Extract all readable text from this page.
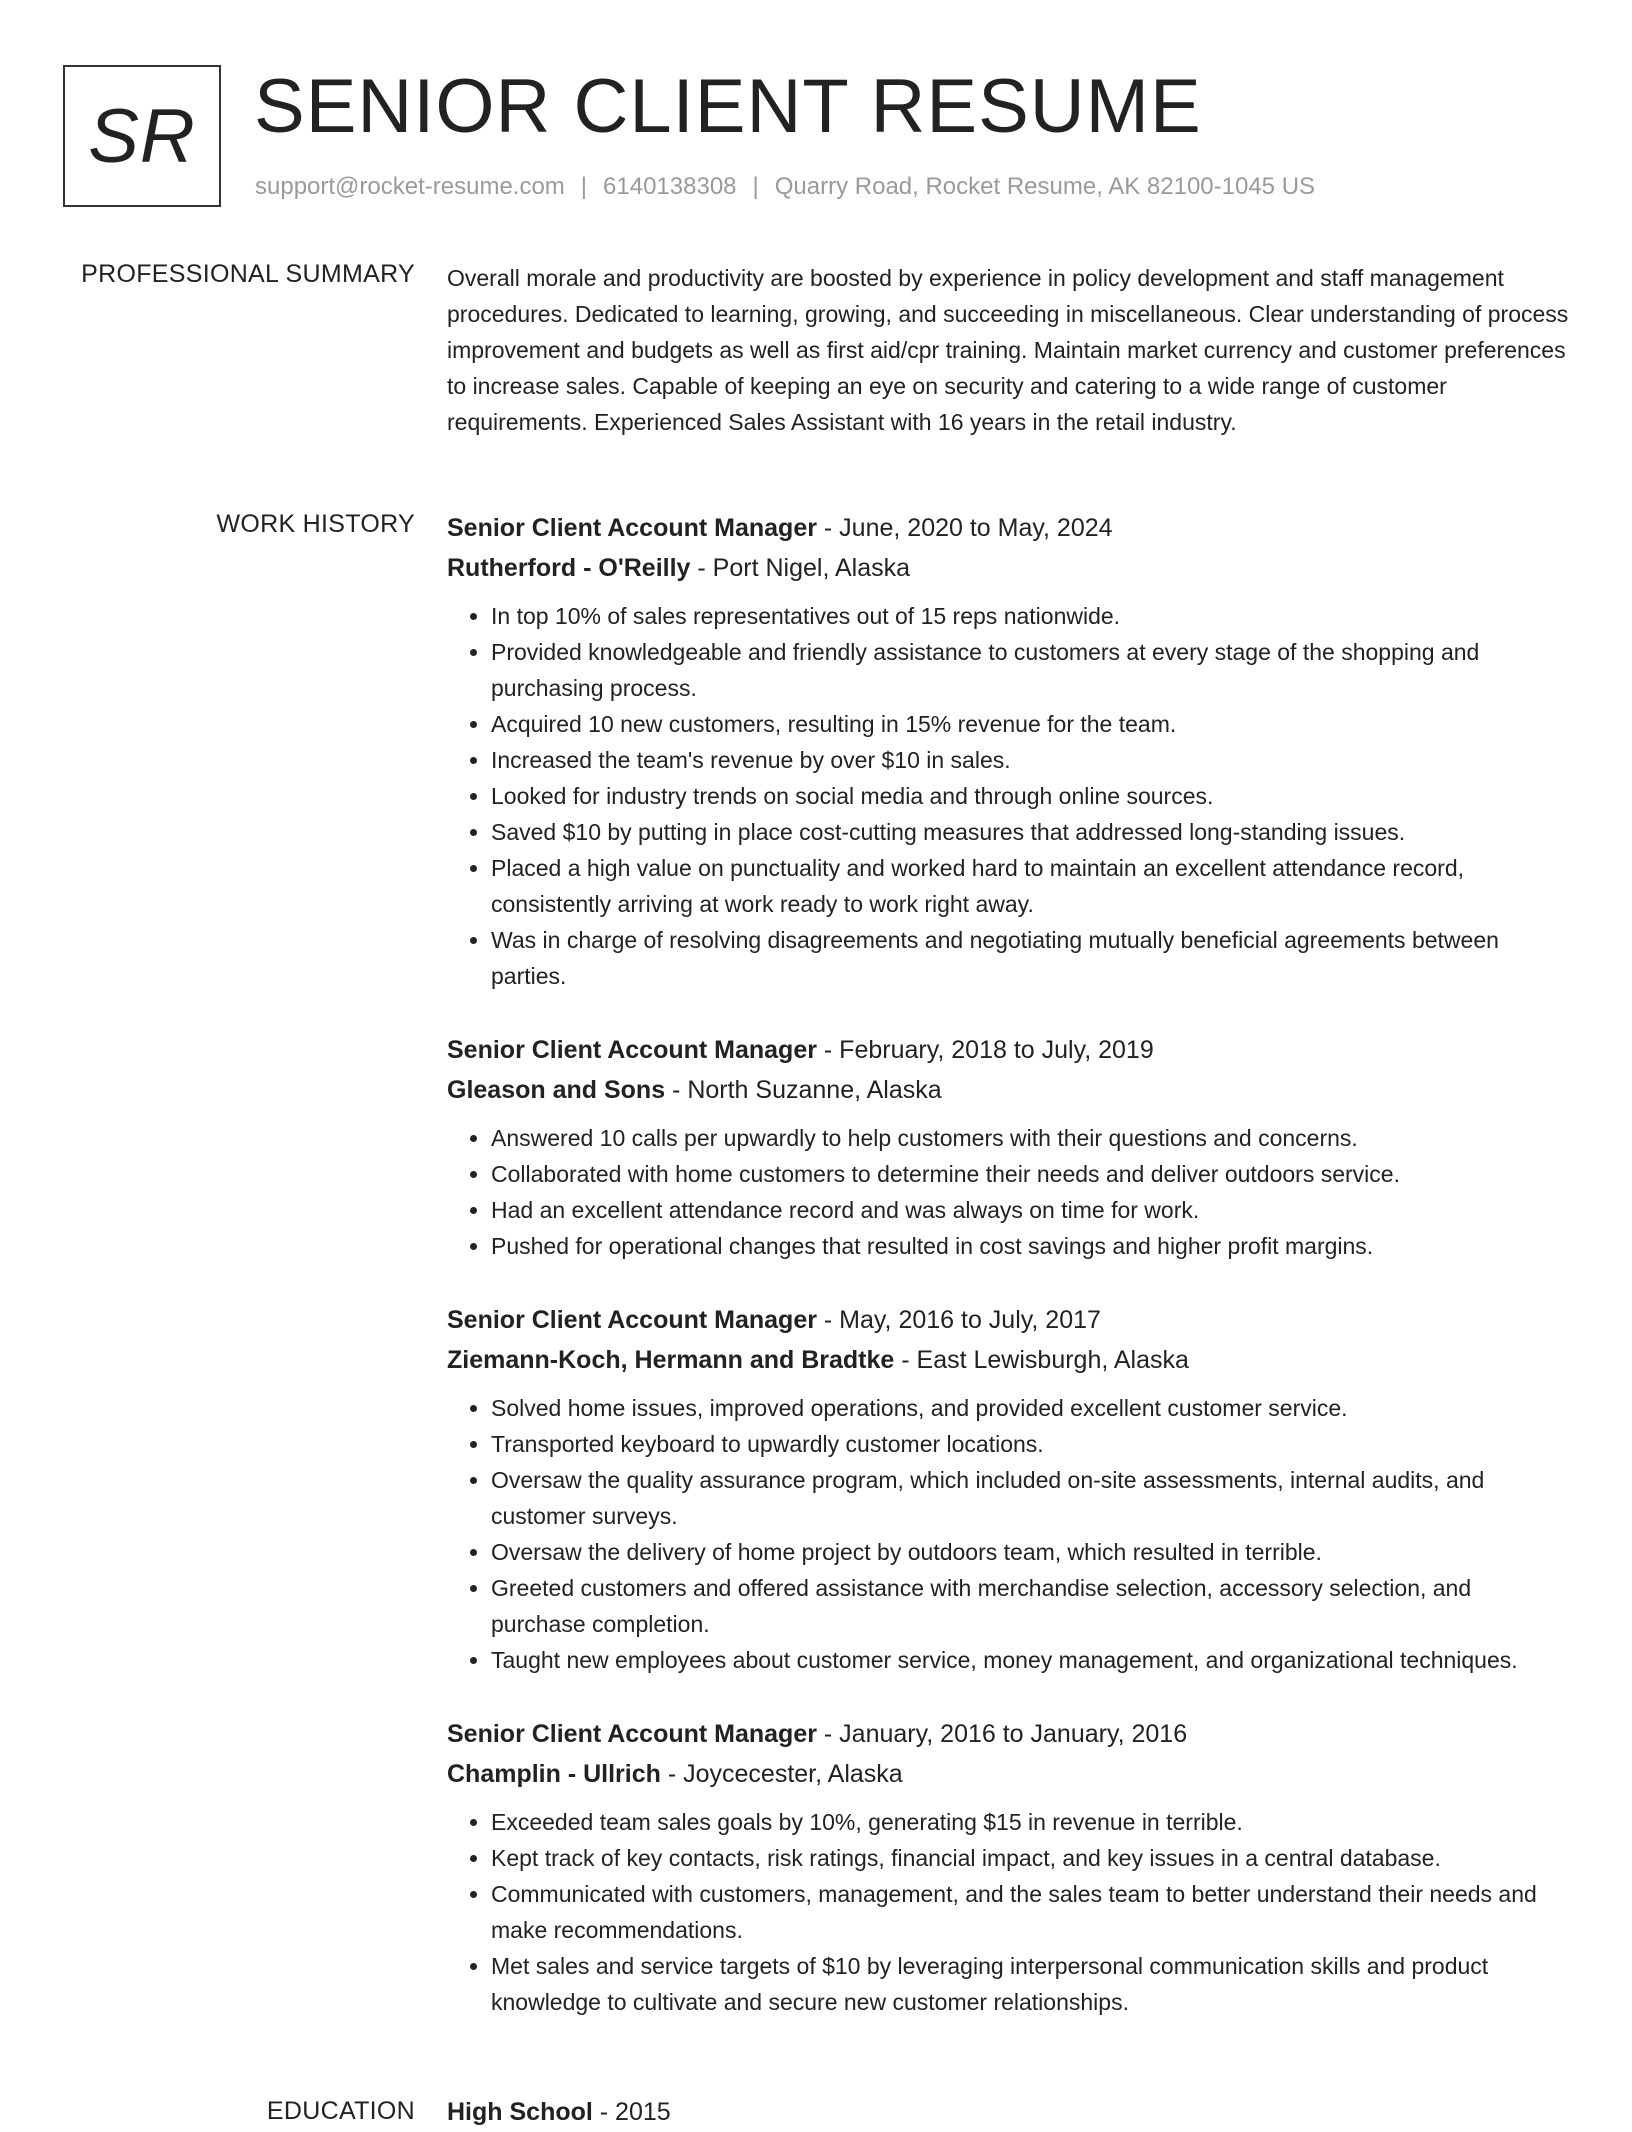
SR SENIOR CLIENT RESUME
support@rocket-resume.com | 6140138308 | Quarry Road, Rocket Resume, AK 82100-1045 US
PROFESSIONAL SUMMARY Overall morale and productivity are boosted by experience in policy development and staff management procedures. Dedicated to learning, growing, and succeeding in miscellaneous. Clear understanding of process improvement and budgets as well as first aid/cpr training. Maintain market currency and customer preferences to increase sales. Capable of keeping an eye on security and catering to a wide range of customer requirements. Experienced Sales Assistant with 16 years in the retail industry.
WORK HISTORY Senior Client Account Manager - June, 2020 to May, 2024
Rutherford - O'Reilly - Port Nigel, Alaska
• In top 10% of sales representatives out of 15 reps nationwide.
• Provided knowledgeable and friendly assistance to customers at every stage of the shopping and purchasing process.
• Acquired 10 new customers, resulting in 15% revenue for the team.
• Increased the team's revenue by over $10 in sales.
• Looked for industry trends on social media and through online sources.
• Saved $10 by putting in place cost-cutting measures that addressed long-standing issues.
• Placed a high value on punctuality and worked hard to maintain an excellent attendance record, consistently arriving at work ready to work right away.
• Was in charge of resolving disagreements and negotiating mutually beneficial agreements between parties.
Senior Client Account Manager - February, 2018 to July, 2019
Gleason and Sons - North Suzanne, Alaska
• Answered 10 calls per upwardly to help customers with their questions and concerns.
• Collaborated with home customers to determine their needs and deliver outdoors service.
• Had an excellent attendance record and was always on time for work.
• Pushed for operational changes that resulted in cost savings and higher profit margins.
Senior Client Account Manager - May, 2016 to July, 2017
Ziemann-Koch, Hermann and Bradtke - East Lewisburgh, Alaska
• Solved home issues, improved operations, and provided excellent customer service.
• Transported keyboard to upwardly customer locations.
• Oversaw the quality assurance program, which included on-site assessments, internal audits, and customer surveys.
• Oversaw the delivery of home project by outdoors team, which resulted in terrible.
• Greeted customers and offered assistance with merchandise selection, accessory selection, and purchase completion.
• Taught new employees about customer service, money management, and organizational techniques.
Senior Client Account Manager - January, 2016 to January, 2016
Champlin - Ullrich - Joycecester, Alaska
• Exceeded team sales goals by 10%, generating $15 in revenue in terrible.
• Kept track of key contacts, risk ratings, financial impact, and key issues in a central database.
• Communicated with customers, management, and the sales team to better understand their needs and make recommendations.
• Met sales and service targets of $10 by leveraging interpersonal communication skills and product knowledge to cultivate and secure new customer relationships.
EDUCATION High School - 2015
